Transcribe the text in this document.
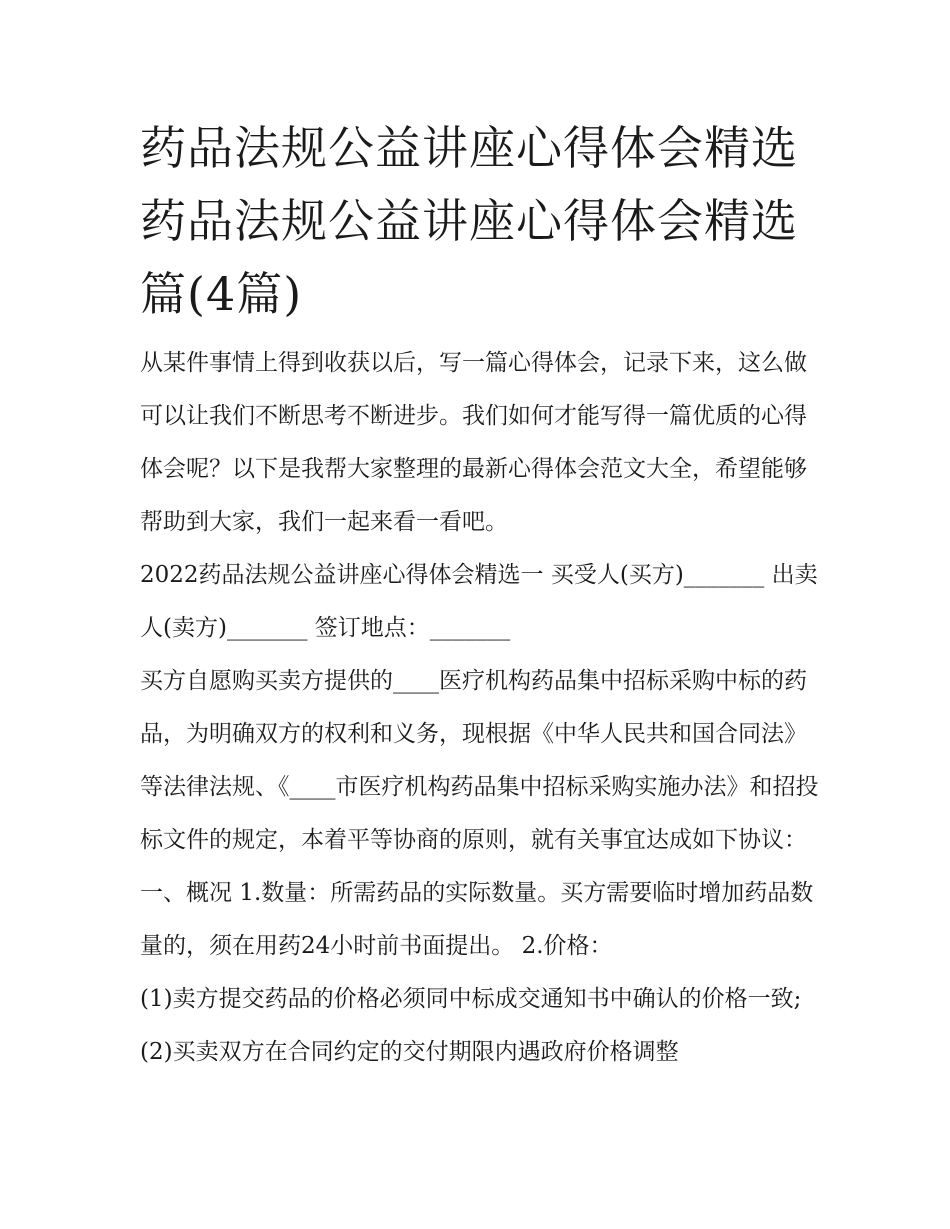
药品法规公益讲座心得体会精选 药品法规公益讲座心得体会精选篇(4篇)

从某件事情上得到收获以后，写一篇心得体会，记录下来，这么做可以让我们不断思考不断进步。我们如何才能写得一篇优质的心得体会呢？以下是我帮大家整理的最新心得体会范文大全，希望能够帮助到大家，我们一起来看一看吧。

2022药品法规公益讲座心得体会精选一 买受人(买方)_______ 出卖人(卖方)_______ 签订地点：_______

买方自愿购买卖方提供的____医疗机构药品集中招标采购中标的药品，为明确双方的权利和义务，现根据《中华人民共和国合同法》等法律法规、《____市医疗机构药品集中招标采购实施办法》和招投标文件的规定，本着平等协商的原则，就有关事宜达成如下协议：

一、概况 1.数量：所需药品的实际数量。买方需要临时增加药品数量的，须在用药24小时前书面提出。 2.价格：

(1)卖方提交药品的价格必须同中标成交通知书中确认的价格一致; (2)买卖双方在合同约定的交付期限内遇政府价格调整
